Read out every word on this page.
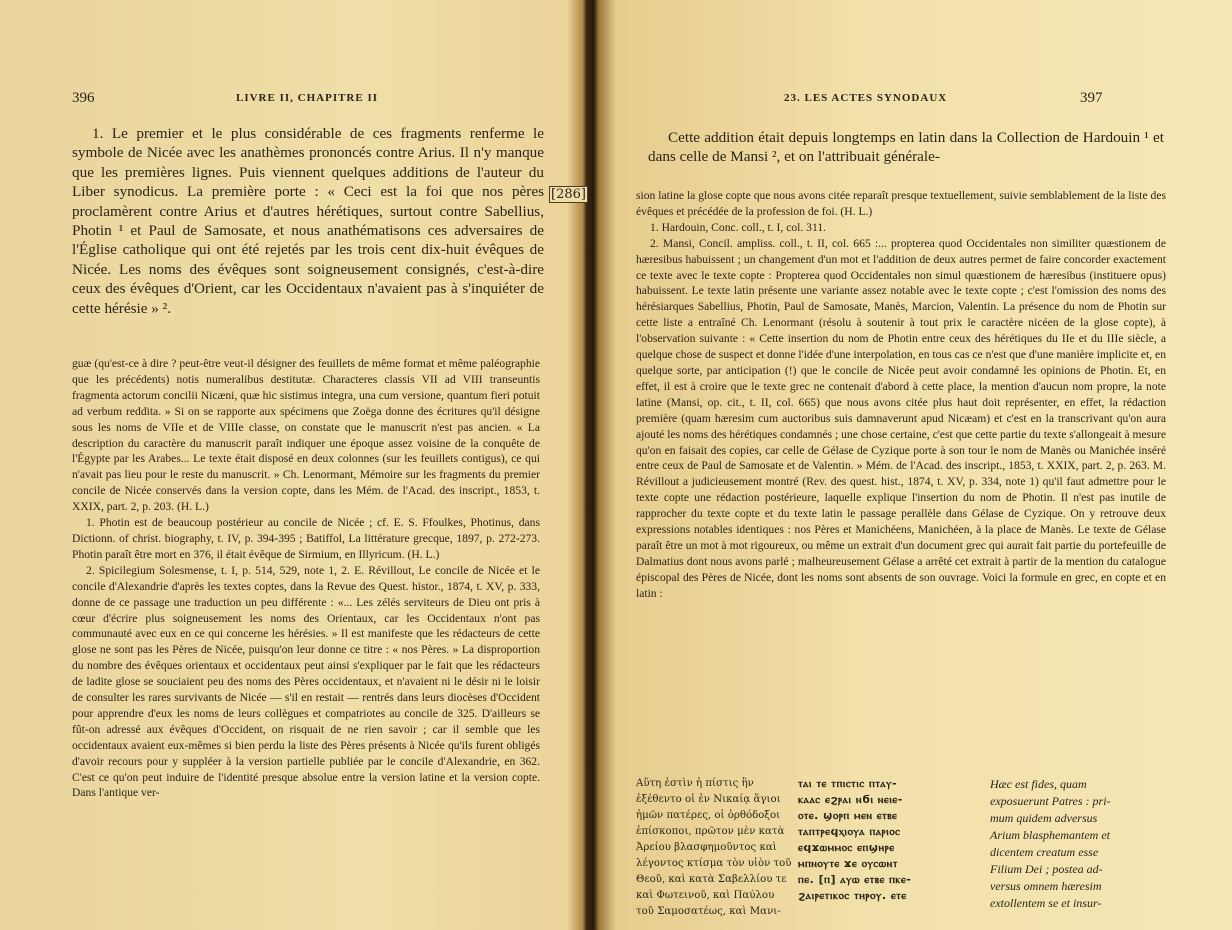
396	LIVRE II, CHAPITRE II

1. Le premier et le plus considérable de ces fragments renferme le symbole de Nicée avec les anathèmes prononcés contre Arius. Il n'y manque que les premières lignes. Puis viennent quelques additions de l'auteur du Liber synodicus. La première porte : « Ceci est la foi que nos pères proclamèrent contre Arius et d'autres hérétiques, surtout contre Sabellius, Photin ¹ et Paul de Samosate, et nous anathématisons ces adversaires de l'Église catholique qui ont été rejetés par les trois cent dix-huit évêques de Nicée. Les noms des évêques sont soigneusement consignés, c'est-à-dire ceux des évêques d'Orient, car les Occidentaux n'avaient pas à s'inquiéter de cette hérésie » ².

guæ (qu'est-ce à dire ? peut-être veut-il désigner des feuillets de même format et même paléographie que les précédents) notis numeralibus destitutæ. Characteres classis VII ad VIII transeuntis fragmenta actorum concilii Nicæni, quæ hic sistimus integra, una cum versione, quantum fieri potuit ad verbum reddita. » Si on se rapporte aux spécimens que Zoëga donne des écritures qu'il désigne sous les noms de VIIe et de VIIIe classe, on constate que le manuscrit n'est pas ancien. « La description du caractère du manuscrit paraît indiquer une époque assez voisine de la conquête de l'Égypte par les Arabes... Le texte était disposé en deux colonnes (sur les feuillets contigus), ce qui n'avait pas lieu pour le reste du manuscrit. » Ch. Lenormant, Mémoire sur les fragments du premier concile de Nicée conservés dans la version copte, dans les Mém. de l'Acad. des inscript., 1853, t. XXIX, part. 2, p. 203. (H. L.)

1. Photin est de beaucoup postérieur au concile de Nicée ; cf. E. S. Ffoulkes, Photinus, dans Dictionn. of christ. biography, t. IV, p. 394-395 ; Batiffol, La littérature grecque, 1897, p. 272-273. Photin paraît être mort en 376, il était évêque de Sirmium, en Illyricum. (H. L.)

2. Spicilegium Solesmense, t. I, p. 514, 529, note 1, 2. E. Révillout, Le concile de Nicée et le concile d'Alexandrie d'après les textes coptes, dans la Revue des Quest. histor., 1874, t. XV, p. 333, donne de ce passage une traduction un peu différente : «... Les zélés serviteurs de Dieu ont pris à cœur d'écrire plus soigneusement les noms des Orientaux, car les Occidentaux n'ont pas communauté avec eux en ce qui concerne les hérésies. » Il est manifeste que les rédacteurs de cette glose ne sont pas les Pères de Nicée, puisqu'on leur donne ce titre : « nos Pères. » La disproportion du nombre des évêques orientaux et occidentaux peut ainsi s'expliquer par le fait que les rédacteurs de ladite glose se souciaient peu des noms des Pères occidentaux, et n'avaient ni le désir ni le loisir de consulter les rares survivants de Nicée — s'il en restait — rentrés dans leurs diocèses d'Occident pour apprendre d'eux les noms de leurs collègues et compatriotes au concile de 325. D'ailleurs se fût-on adressé aux évêques d'Occident, on risquait de ne rien savoir ; car il semble que les occidentaux avaient eux-mêmes si bien perdu la liste des Pères présents à Nicée qu'ils furent obligés d'avoir recours pour y suppléer à la version partielle publiée par le concile d'Alexandrie, en 362. C'est ce qu'on peut induire de l'identité presque absolue entre la version latine et la version copte. Dans l'antique ver-

[286]
23. LES ACTES SYNODAUX	397

Cette addition était depuis longtemps en latin dans la Collection de Hardouin ¹ et dans celle de Mansi ², et on l'attribuait générale-

sion latine la glose copte que nous avons citée reparaît presque textuellement, suivie semblablement de la liste des évêques et précédée de la profession de foi. (H. L.)

1. Hardouin, Conc. coll., t. I, col. 311.

2. Mansi, Concil. ampliss. coll., t. II, col. 665 :... propterea quod Occidentales non similiter quæstionem de hæresibus habuissent ; un changement d'un mot et l'addition de deux autres permet de faire concorder exactement ce texte avec le texte copte : Propterea quod Occidentales non simul quæstionem de hæresibus (instituere opus) habuissent. Le texte latin présente une variante assez notable avec le texte copte ; c'est l'omission des noms des hérésiarques Sabellius, Photin, Paul de Samosate, Manès, Marcion, Valentin. La présence du nom de Photin sur cette liste a entraîné Ch. Lenormant (résolu à soutenir à tout prix le caractère nicéen de la glose copte), à l'observation suivante : « Cette insertion du nom de Photin entre ceux des hérétiques du IIe et du IIIe siècle, a quelque chose de suspect et donne l'idée d'une interpolation, en tous cas ce n'est que d'une manière implicite et, en quelque sorte, par anticipation (!) que le concile de Nicée peut avoir condamné les opinions de Photin. Et, en effet, il est à croire que le texte grec ne contenait d'abord à cette place, la mention d'aucun nom propre, la note latine (Mansi, op. cit., t. II, col. 665) que nous avons citée plus haut doit représenter, en effet, la rédaction première (quam hæresim cum auctoribus suis damnaverunt apud Nicæam) et c'est en la transcrivant qu'on aura ajouté les noms des hérétiques condamnés ; une chose certaine, c'est que cette partie du texte s'allongeait à mesure qu'on en faisait des copies, car celle de Gélase de Cyzique porte à son tour le nom de Manès ou Manichée inséré entre ceux de Paul de Samosate et de Valentin. » Mém. de l'Acad. des inscript., 1853, t. XXIX, part. 2, p. 263. M. Révillout a judicieusement montré (Rev. des quest. hist., 1874, t. XV, p. 334, note 1) qu'il faut admettre pour le texte copte une rédaction postérieure, laquelle explique l'insertion du nom de Photin. Il n'est pas inutile de rapprocher du texte copte et du texte latin le passage perallèle dans Gélase de Cyzique. On y retrouve deux expressions notables identiques : nos Pères et Manichéens, Manichéen, à la place de Manès. Le texte de Gélase paraît être un mot à mot rigoureux, ou même un extrait d'un document grec qui aurait fait partie du portefeuille de Dalmatius dont nous avons parlé ; malheureusement Gélase a arrêté cet extrait à partir de la mention du catalogue épiscopal des Pères de Nicée, dont les noms sont absents de son ouvrage. Voici la formule en grec, en copte et en latin :

Αὕτη ἐστὶν ἡ πίστις ἣν
ἐξέθεντο οἱ ἐν Νικαίᾳ ἅγιοι
ἡμῶν πατέρες, οἱ ὀρθόδοξοι
ἐπίσκοποι, πρῶτον μὲν κατὰ
Ἀρείου βλασφημοῦντος καὶ
λέγοντος κτίσμα τὸν υἱὸν τοῦ
Θεοῦ, καὶ κατὰ Σαβελλίου τε
καὶ Φωτεινοῦ, καὶ Παύλου
τοῦ Σαμοσατέως, καὶ Μανι-
ⲧⲁⲓ ⲧⲉ ⲧⲡⲓⲥⲧⲓⲥ ⲡⲧⲁⲩ-
ⲕⲁⲁⲥ ⲉϩⲣⲁⲓ ⲛϭⲓ ⲛⲉⲓⲉ-
ⲟⲧⲉ. ϣⲟⲣⲡ ⲙⲉⲛ ⲉⲧⲃⲉ
ⲧⲁⲡⲧⲣⲉϥⲭⲓⲟⲩⲁ ⲡⲁⲣⲓⲟⲥ
ⲉϥϫⲱⲙⲙⲟⲥ ⲉⲡϣⲏⲣⲉ
ⲙⲡⲛⲟⲩⲧⲉ ϫⲉ ⲟⲩⲥⲱⲛⲧ
ⲡⲉ. [ⲡ] ⲁⲩⲱ ⲉⲧⲃⲉ ⲡⲕⲉ-
ϩⲁⲓⲣⲉⲧⲓⲕⲟⲥ ⲧⲏⲣⲟⲩ. ⲉⲧⲉ
Hæc est fides, quam
exposuerunt Patres : pri-
mum quidem adversus
Arium blasphemantem et
dicentem creatum esse
Filium Dei ; postea ad-
versus omnem hæresim
extollentem se et insur-
